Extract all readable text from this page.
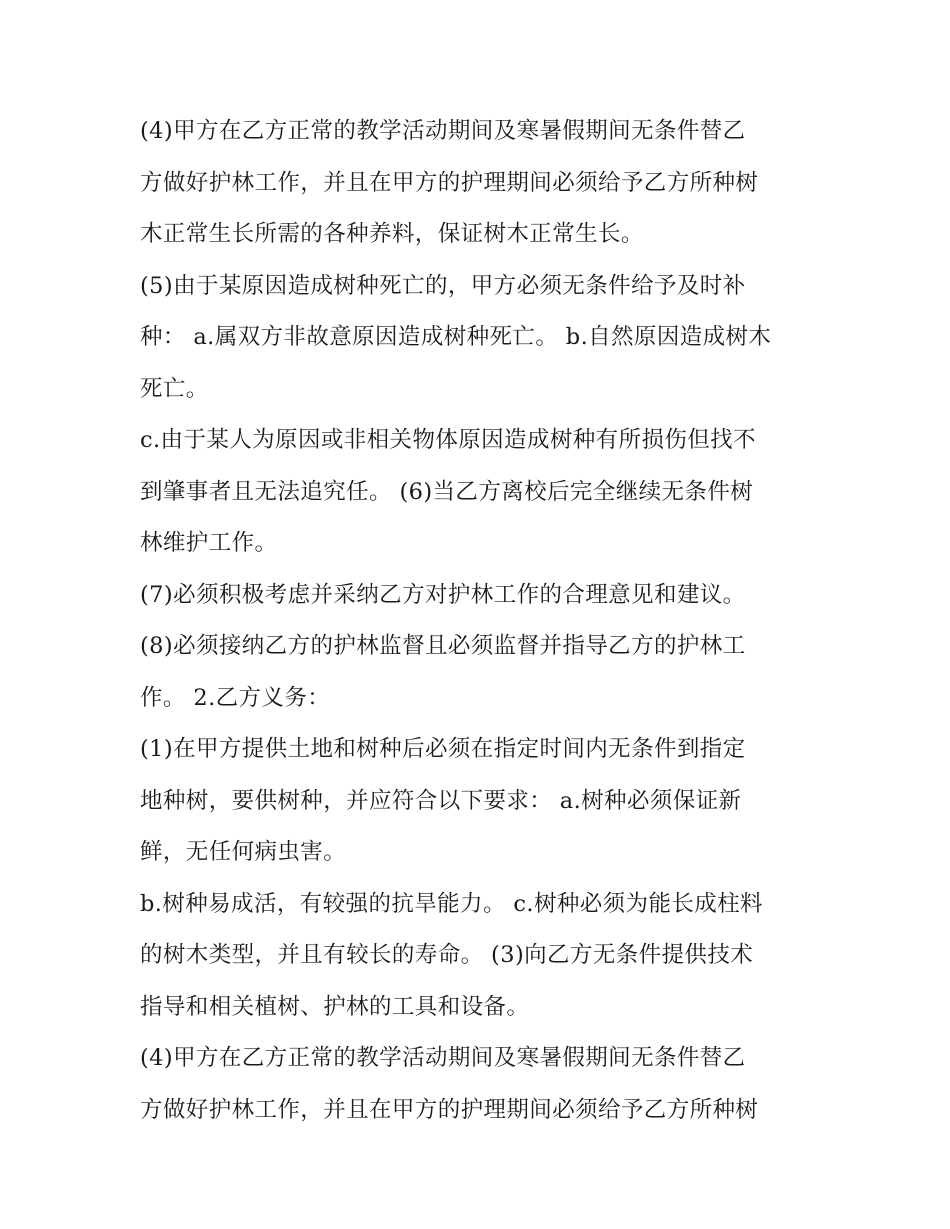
(4)甲方在乙方正常的教学活动期间及寒暑假期间无条件替乙
方做好护林工作，并且在甲方的护理期间必须给予乙方所种树
木正常生长所需的各种养料，保证树木正常生长。

(5)由于某原因造成树种死亡的，甲方必须无条件给予及时补
种： a.属双方非故意原因造成树种死亡。 b.自然原因造成树木
死亡。

c.由于某人为原因或非相关物体原因造成树种有所损伤但找不
到肇事者且无法追究任。 (6)当乙方离校后完全继续无条件树
林维护工作。

(7)必须积极考虑并采纳乙方对护林工作的合理意见和建议。

(8)必须接纳乙方的护林监督且必须监督并指导乙方的护林工
作。 2.乙方义务：

(1)在甲方提供土地和树种后必须在指定时间内无条件到指定
地种树，要供树种，并应符合以下要求： a.树种必须保证新
鲜，无任何病虫害。

b.树种易成活，有较强的抗旱能力。 c.树种必须为能长成柱料
的树木类型，并且有较长的寿命。 (3)向乙方无条件提供技术
指导和相关植树、护林的工具和设备。

(4)甲方在乙方正常的教学活动期间及寒暑假期间无条件替乙
方做好护林工作，并且在甲方的护理期间必须给予乙方所种树
